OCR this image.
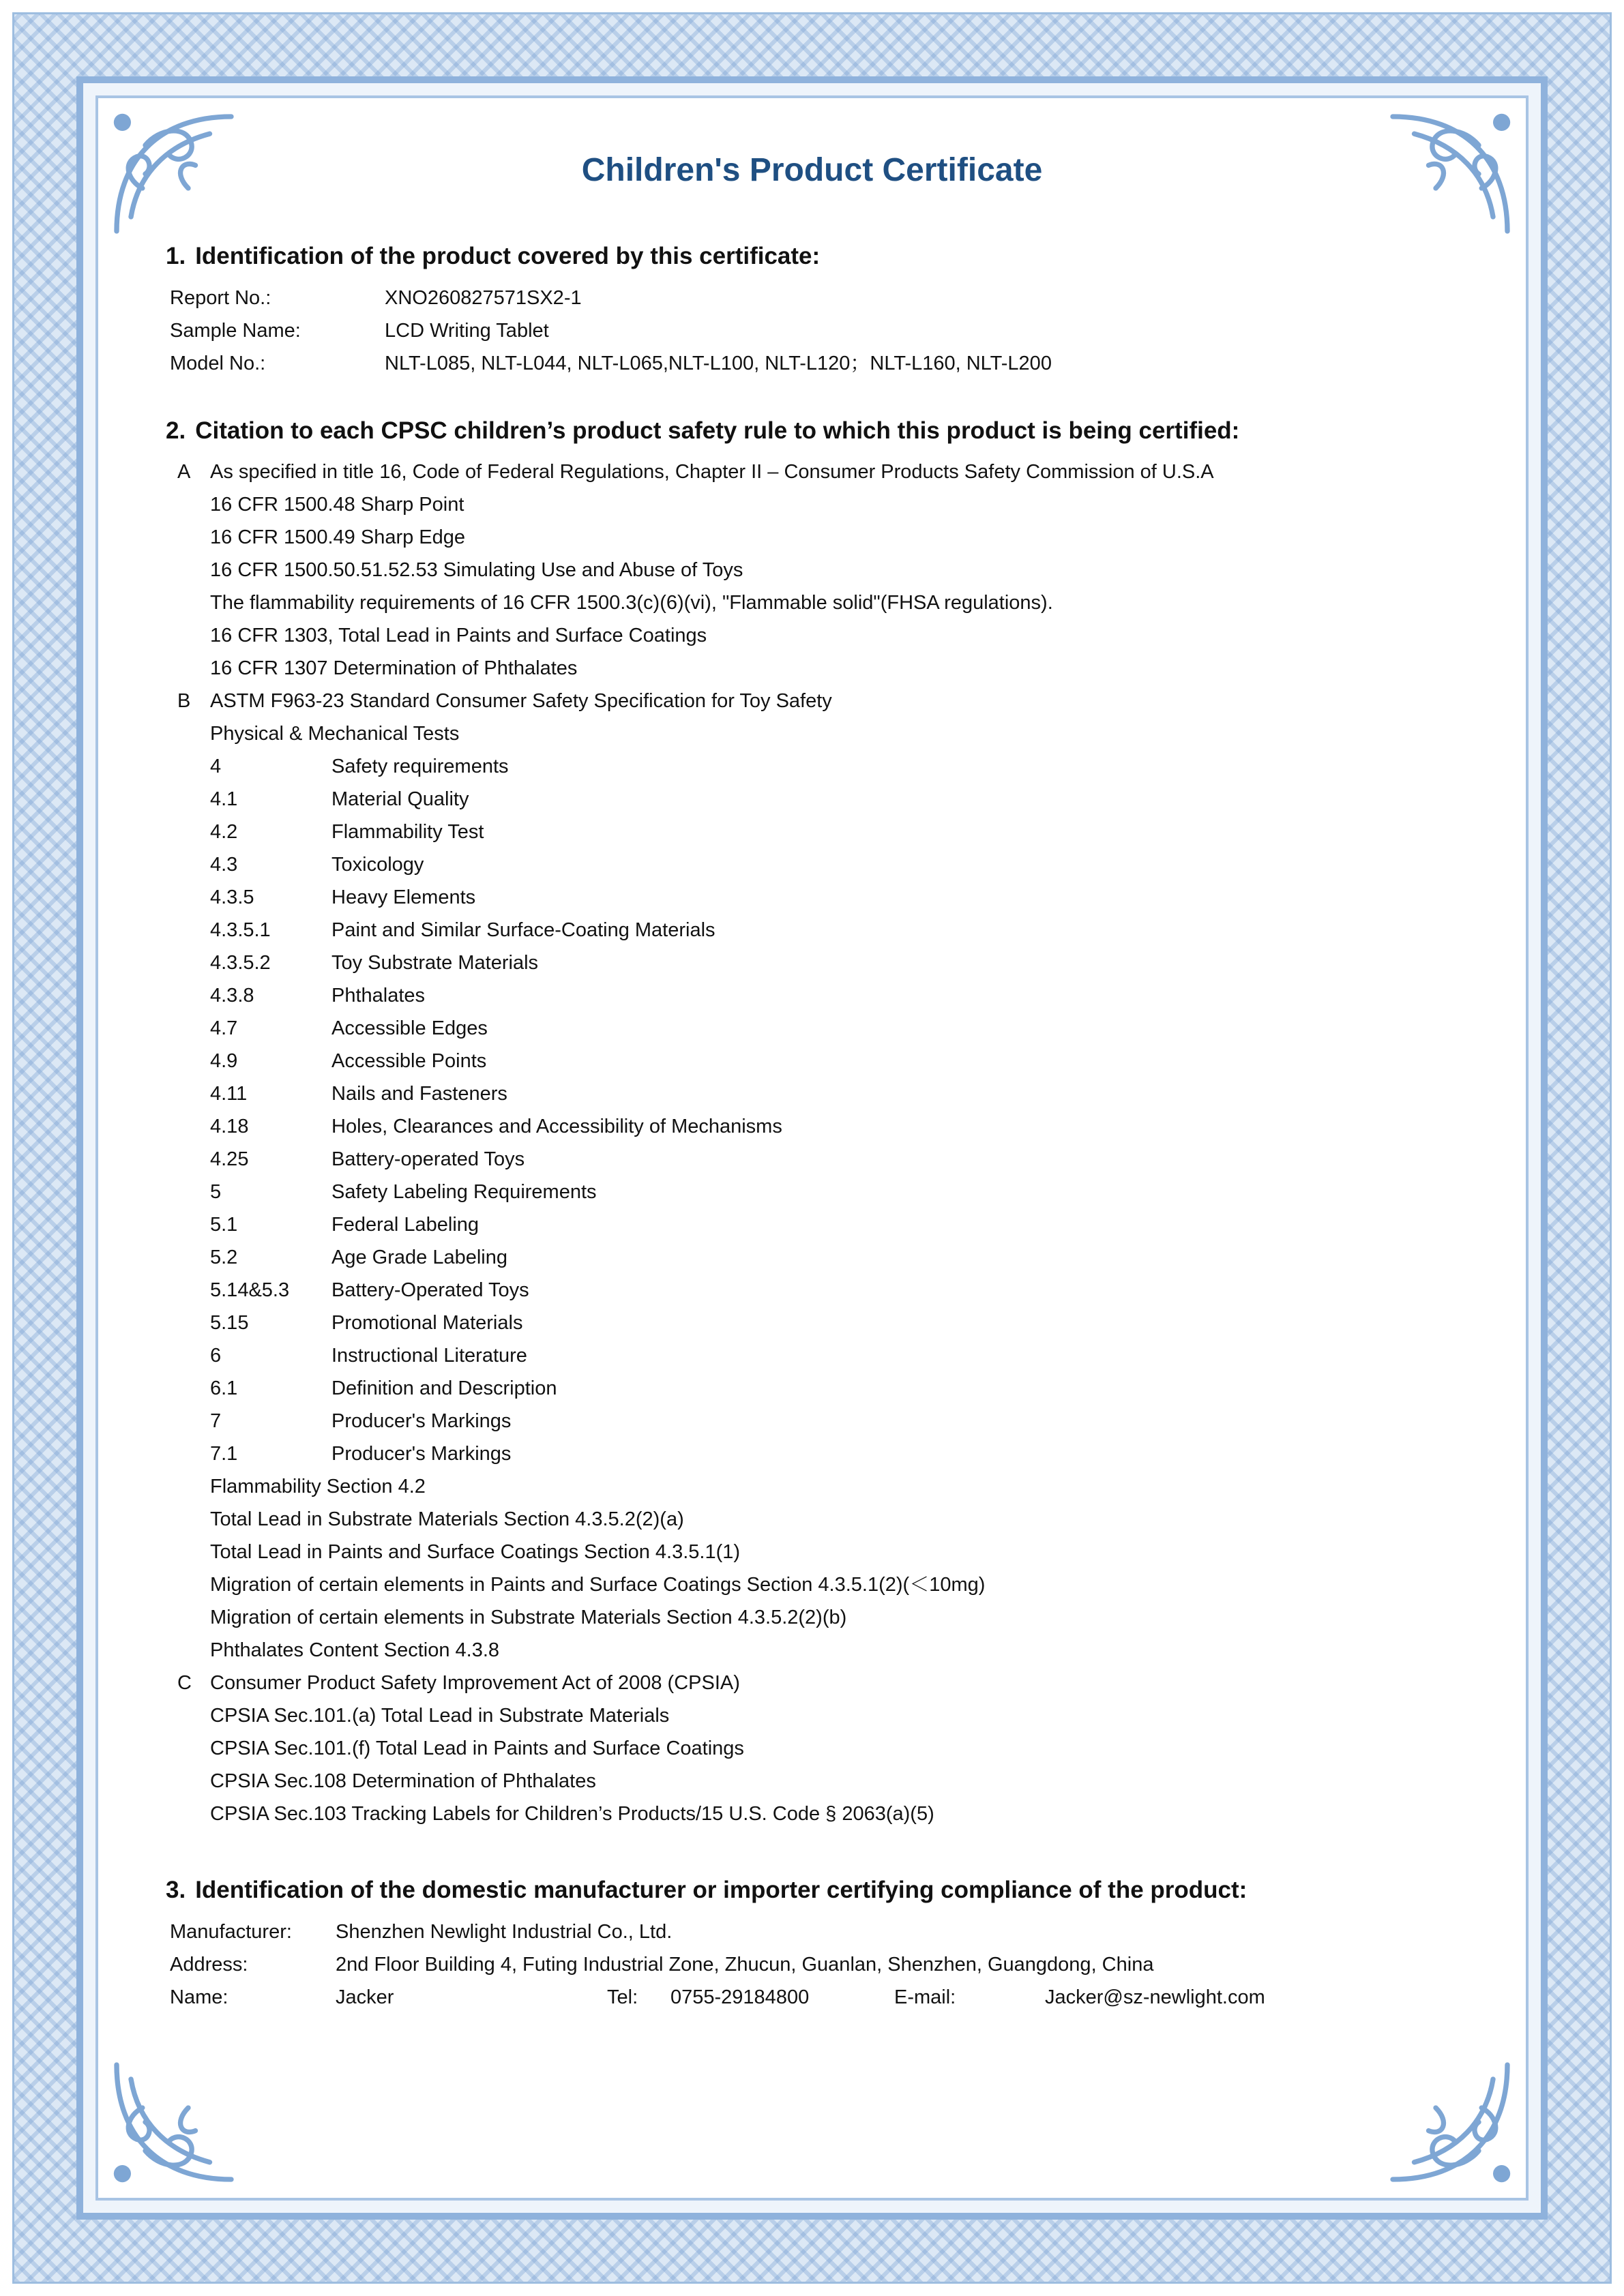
Children's Product Certificate
1. Identification of the product covered by this certificate:
Report No.:	XNO260827571SX2-1
Sample Name:	LCD Writing Tablet
Model No.:	NLT-L085, NLT-L044, NLT-L065,NLT-L100, NLT-L120；NLT-L160, NLT-L200
2. Citation to each CPSC children’s product safety rule to which this product is being certified:
A As specified in title 16, Code of Federal Regulations, Chapter II – Consumer Products Safety Commission of U.S.A
16 CFR 1500.48 Sharp Point
16 CFR 1500.49 Sharp Edge
16 CFR 1500.50.51.52.53 Simulating Use and Abuse of Toys
The flammability requirements of 16 CFR 1500.3(c)(6)(vi), "Flammable solid"(FHSA regulations).
16 CFR 1303, Total Lead in Paints and Surface Coatings
16 CFR 1307 Determination of Phthalates
B ASTM F963-23 Standard Consumer Safety Specification for Toy Safety
Physical & Mechanical Tests
4	Safety requirements
4.1	Material Quality
4.2	Flammability Test
4.3	Toxicology
4.3.5	Heavy Elements
4.3.5.1	Paint and Similar Surface-Coating Materials
4.3.5.2	Toy Substrate Materials
4.3.8	Phthalates
4.7	Accessible Edges
4.9	Accessible Points
4.11	Nails and Fasteners
4.18	Holes, Clearances and Accessibility of Mechanisms
4.25	Battery-operated Toys
5	Safety Labeling Requirements
5.1	Federal Labeling
5.2	Age Grade Labeling
5.14&5.3 Battery-Operated Toys
5.15	Promotional Materials
6	Instructional Literature
6.1	Definition and Description
7	Producer's Markings
7.1	Producer's Markings
Flammability Section 4.2
Total Lead in Substrate Materials Section 4.3.5.2(2)(a)
Total Lead in Paints and Surface Coatings Section 4.3.5.1(1)
Migration of certain elements in Paints and Surface Coatings Section 4.3.5.1(2)(＜10mg)
Migration of certain elements in Substrate Materials Section 4.3.5.2(2)(b)
Phthalates Content Section 4.3.8
C Consumer Product Safety Improvement Act of 2008 (CPSIA)
CPSIA Sec.101.(a) Total Lead in Substrate Materials
CPSIA Sec.101.(f) Total Lead in Paints and Surface Coatings
CPSIA Sec.108 Determination of Phthalates
CPSIA Sec.103 Tracking Labels for Children’s Products/15 U.S. Code § 2063(a)(5)
3. Identification of the domestic manufacturer or importer certifying compliance of the product:
Manufacturer: Shenzhen Newlight Industrial Co., Ltd.
Address:	2nd Floor Building 4, Futing Industrial Zone, Zhucun, Guanlan, Shenzhen, Guangdong, China
Name:	Jacker	Tel: 0755-29184800	E-mail:	Jacker@sz-newlight.com
